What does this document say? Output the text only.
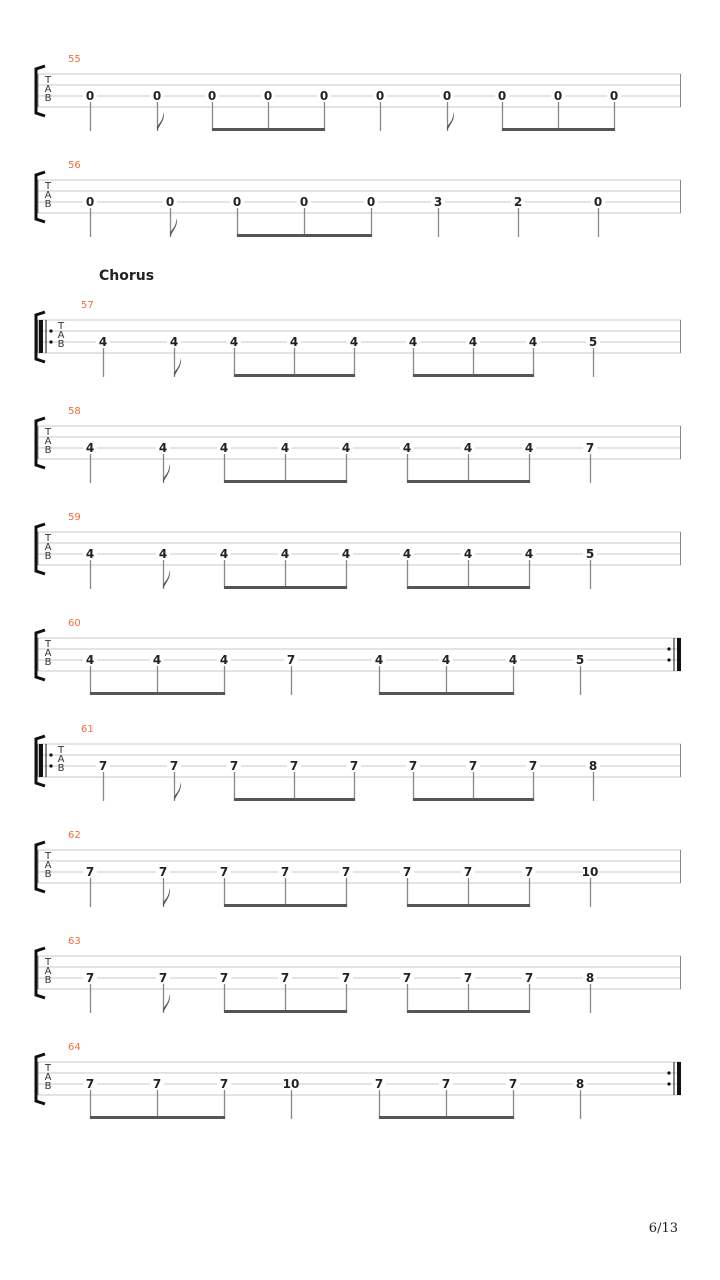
55
T
A
B	0	0	0	0	0	0	0	0	0	0
56
T
A
B	0	0	0	0	0	3	2	0
Chorus
57
T
A
B	4	4	4	4	4	4	4	4	5
58
T
A
B	4	4	4	4	4	4	4	4	7
59
T
A
B	4	4	4	4	4	4	4	4	5
60
T
A
B	4	4	4	7	4	4	4	5
61
T
A
B	7	7	7	7	7	7	7	7	8
62
T
A
B	7	7	7	7	7	7	7	7	10
63
T
A
B	7	7	7	7	7	7	7	7	8
64
T
A
B	7	7	7	10	7	7	7	8
6/13
